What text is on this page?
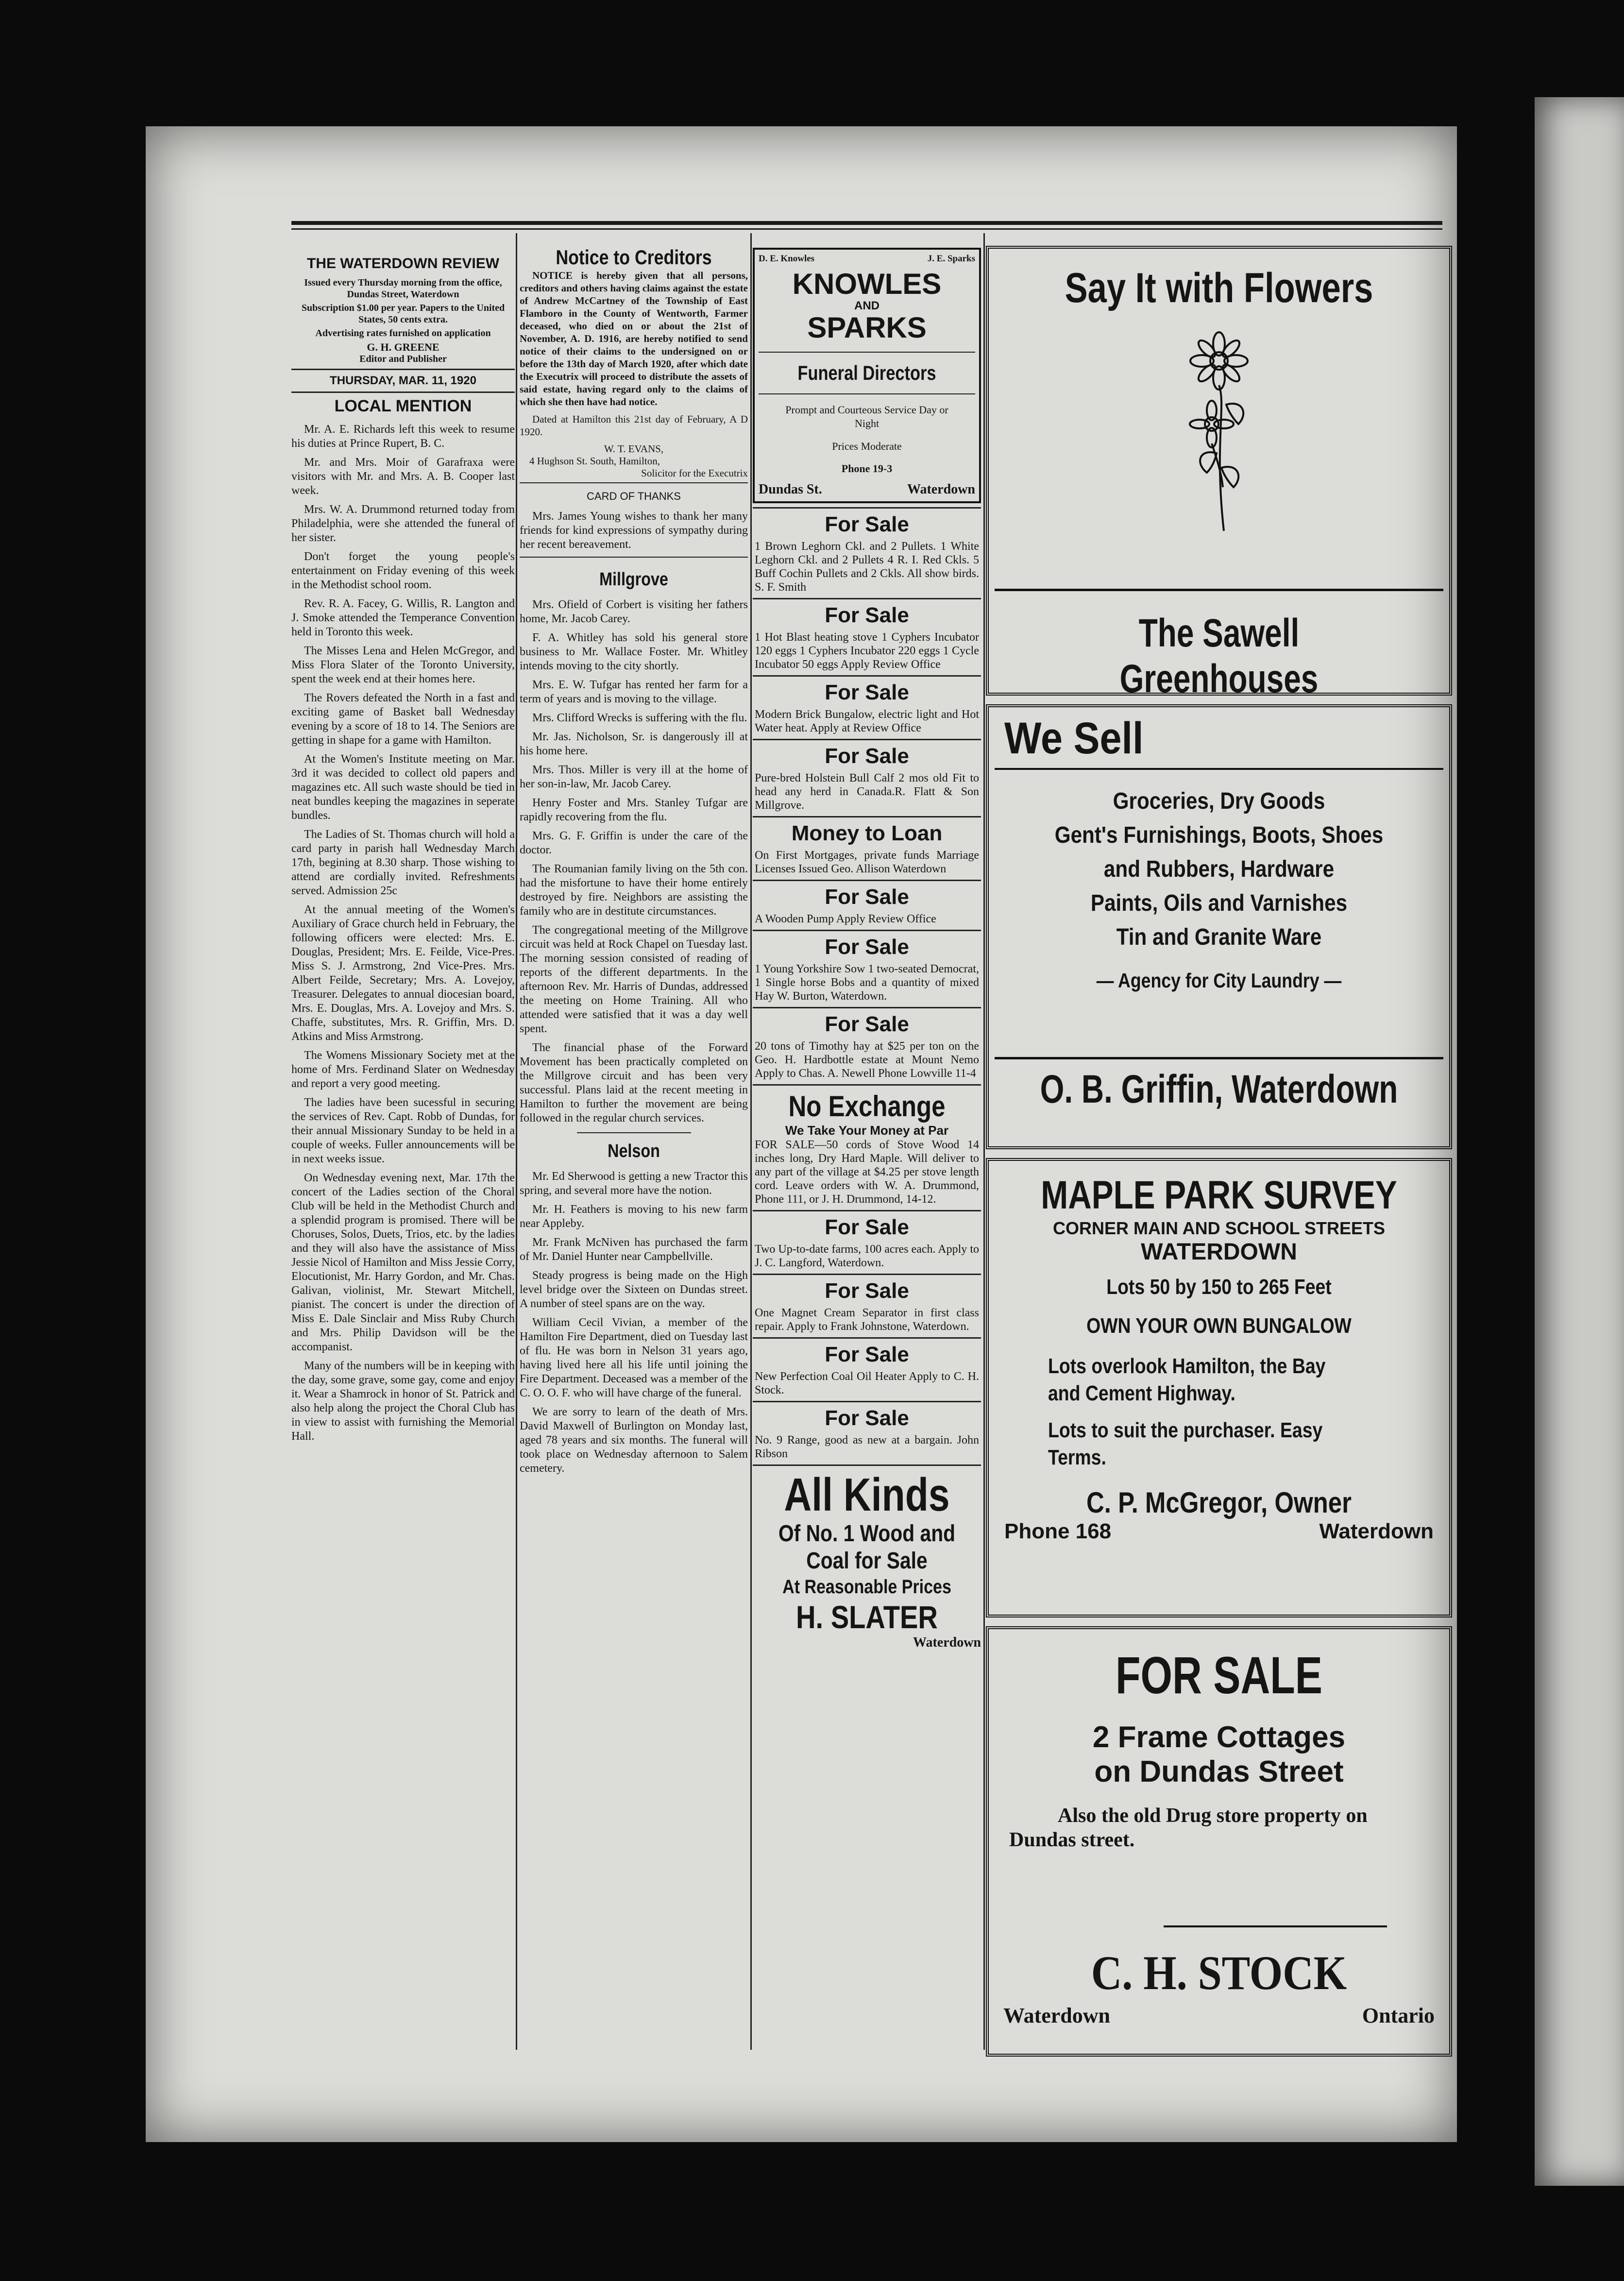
THE WATERDOWN REVIEW
Issued every Thursday morning from the office, Dundas Street, Waterdown
Subscription $1.00 per year. Papers to the United States, 50 cents extra.
Advertising rates furnished on application
G. H. GREENE
Editor and Publisher
THURSDAY, MAR. 11, 1920
LOCAL MENTION

Mr. A. E. Richards left this week to resume his duties at Prince Rupert, B. C.

Mr. and Mrs. Moir of Garafraxa were visitors with Mr. and Mrs. A. B. Cooper last week.

Mrs. W. A. Drummond returned today from Philadelphia, were she attended the funeral of her sister.

Don't forget the young people's entertainment on Friday evening of this week in the Methodist school room.

Rev. R. A. Facey, G. Willis, R. Langton and J. Smoke attended the Temperance Convention held in Toronto this week.

The Misses Lena and Helen McGregor, and Miss Flora Slater of the Toronto University, spent the week end at their homes here.

The Rovers defeated the North in a fast and exciting game of Basket ball Wednesday evening by a score of 18 to 14. The Seniors are getting in shape for a game with Hamilton.

At the Women's Institute meeting on Mar. 3rd it was decided to collect old papers and magazines etc. All such waste should be tied in neat bundles keeping the magazines in seperate bundles.

The Ladies of St. Thomas church will hold a card party in parish hall Wednesday March 17th, begining at 8.30 sharp. Those wishing to attend are cordially invited. Refreshments served. Admission 25c

At the annual meeting of the Women's Auxiliary of Grace church held in February, the following officers were elected: Mrs. E. Douglas, President; Mrs. E. Feilde, Vice-Pres. Miss S. J. Armstrong, 2nd Vice-Pres. Mrs. Albert Feilde, Secretary; Mrs. A. Lovejoy, Treasurer. Delegates to annual diocesian board, Mrs. E. Douglas, Mrs. A. Lovejoy and Mrs. S. Chaffe, substitutes, Mrs. R. Griffin, Mrs. D. Atkins and Miss Armstrong.

The Womens Missionary Society met at the home of Mrs. Ferdinand Slater on Wednesday and report a very good meeting.

The ladies have been sucessful in securing the services of Rev. Capt. Robb of Dundas, for their annual Missionary Sunday to be held in a couple of weeks. Fuller announcements will be in next weeks issue.

On Wednesday evening next, Mar. 17th the concert of the Ladies section of the Choral Club will be held in the Methodist Church and a splendid program is promised. There will be Choruses, Solos, Duets, Trios, etc. by the ladies and they will also have the assistance of Miss Jessie Nicol of Hamilton and Miss Jessie Corry, Elocutionist, Mr. Harry Gordon, and Mr. Chas. Galivan, violinist, Mr. Stewart Mitchell, pianist. The concert is under the direction of Miss E. Dale Sinclair and Miss Ruby Church and Mrs. Philip Davidson will be the accompanist.

Many of the numbers will be in keeping with the day, some grave, some gay, come and enjoy it. Wear a Shamrock in honor of St. Patrick and also help along the project the Choral Club has in view to assist with furnishing the Memorial Hall.

Notice to Creditors

NOTICE is hereby given that all persons, creditors and others having claims against the estate of Andrew McCartney of the Township of East Flamboro in the County of Wentworth, Farmer deceased, who died on or about the 21st of November, A. D. 1916, are hereby notified to send notice of their claims to the undersigned on or before the 13th day of March 1920, after which date the Executrix will proceed to distribute the assets of said estate, having regard only to the claims of which she then have had notice.

Dated at Hamilton this 21st day of February, A D 1920.

W. T. EVANS,
4 Hughson St. South, Hamilton,
Solicitor for the Executrix
CARD OF THANKS

Mrs. James Young wishes to thank her many friends for kind expressions of sympathy during her recent bereavement.

Millgrove

Mrs. Ofield of Corbert is visiting her fathers home, Mr. Jacob Carey.

F. A. Whitley has sold his general store business to Mr. Wallace Foster. Mr. Whitley intends moving to the city shortly.

Mrs. E. W. Tufgar has rented her farm for a term of years and is moving to the village.

Mrs. Clifford Wrecks is suffering with the flu.

Mr. Jas. Nicholson, Sr. is dangerously ill at his home here.

Mrs. Thos. Miller is very ill at the home of her son-in-law, Mr. Jacob Carey.

Henry Foster and Mrs. Stanley Tufgar are rapidly recovering from the flu.

Mrs. G. F. Griffin is under the care of the doctor.

The Roumanian family living on the 5th con. had the misfortune to have their home entirely destroyed by fire. Neighbors are assisting the family who are in destitute circumstances.

The congregational meeting of the Millgrove circuit was held at Rock Chapel on Tuesday last. The morning session consisted of reading of reports of the different departments. In the afternoon Rev. Mr. Harris of Dundas, addressed the meeting on Home Training. All who attended were satisfied that it was a day well spent.

The financial phase of the Forward Movement has been practically completed on the Millgrove circuit and has been very successful. Plans laid at the recent meeting in Hamilton to further the movement are being followed in the regular church services.

Nelson

Mr. Ed Sherwood is getting a new Tractor this spring, and several more have the notion.

Mr. H. Feathers is moving to his new farm near Appleby.

Mr. Frank McNiven has purchased the farm of Mr. Daniel Hunter near Campbellville.

Steady progress is being made on the High level bridge over the Sixteen on Dundas street. A number of steel spans are on the way.

William Cecil Vivian, a member of the Hamilton Fire Department, died on Tuesday last of flu. He was born in Nelson 31 years ago, having lived here all his life until joining the Fire Department. Deceased was a member of the C. O. O. F. who will have charge of the funeral.

We are sorry to learn of the death of Mrs. David Maxwell of Burlington on Monday last, aged 78 years and six months. The funeral will took place on Wednesday afternoon to Salem cemetery.

D. E. Knowles	J. E. Sparks
KNOWLES
AND
SPARKS
Funeral Directors
Prompt and Courteous Service Day or Night
Prices Moderate
Phone 19-3
Dundas St.	Waterdown
For Sale
1 Brown Leghorn Ckl. and 2 Pullets. 1 White Leghorn Ckl. and 2 Pullets 4 R. I. Red Ckls. 5 Buff Cochin Pullets and 2 Ckls. All show birds. S. F. Smith
For Sale
1 Hot Blast heating stove 1 Cyphers Incubator 120 eggs 1 Cyphers Incubator 220 eggs 1 Cycle Incubator 50 eggs Apply Review Office
For Sale
Modern Brick Bungalow, electric light and Hot Water heat. Apply at Review Office
For Sale
Pure-bred Holstein Bull Calf 2 mos old Fit to head any herd in Canada.R. Flatt & Son Millgrove.
Money to Loan
On First Mortgages, private funds Marriage Licenses Issued Geo. Allison Waterdown
For Sale
A Wooden Pump Apply Review Office
For Sale
1 Young Yorkshire Sow 1 two-seated Democrat, 1 Single horse Bobs and a quantity of mixed Hay W. Burton, Waterdown.
For Sale
20 tons of Timothy hay at $25 per ton on the Geo. H. Hardbottle estate at Mount Nemo Apply to Chas. A. Newell Phone Lowville 11-4
No Exchange
We Take Your Money at Par
FOR SALE—50 cords of Stove Wood 14 inches long, Dry Hard Maple. Will deliver to any part of the village at $4.25 per stove length cord. Leave orders with W. A. Drummond, Phone 111, or J. H. Drummond, 14-12.
For Sale
Two Up-to-date farms, 100 acres each. Apply to J. C. Langford, Waterdown.
For Sale
One Magnet Cream Separator in first class repair. Apply to Frank Johnstone, Waterdown.
For Sale
New Perfection Coal Oil Heater Apply to C. H. Stock.
For Sale
No. 9 Range, good as new at a bargain. John Ribson
All Kinds
Of No. 1 Wood and
Coal for Sale
At Reasonable Prices
H. SLATER
Waterdown
Say It with Flowers
The Sawell Greenhouses
We Sell
Groceries, Dry Goods
Gent's Furnishings, Boots, Shoes
and Rubbers, Hardware
Paints, Oils and Varnishes
Tin and Granite Ware
— Agency for City Laundry —
O. B. Griffin, Waterdown
MAPLE PARK SURVEY
CORNER MAIN AND SCHOOL STREETS
WATERDOWN
Lots 50 by 150 to 265 Feet
OWN YOUR OWN BUNGALOW
Lots overlook Hamilton, the Bay and Cement Highway.
Lots to suit the purchaser. Easy Terms.
C. P. McGregor, Owner
Phone 168	Waterdown
FOR SALE
2 Frame Cottages
on Dundas Street
Also the old Drug store property on Dundas street.
C. H. STOCK
Waterdown	Ontario
